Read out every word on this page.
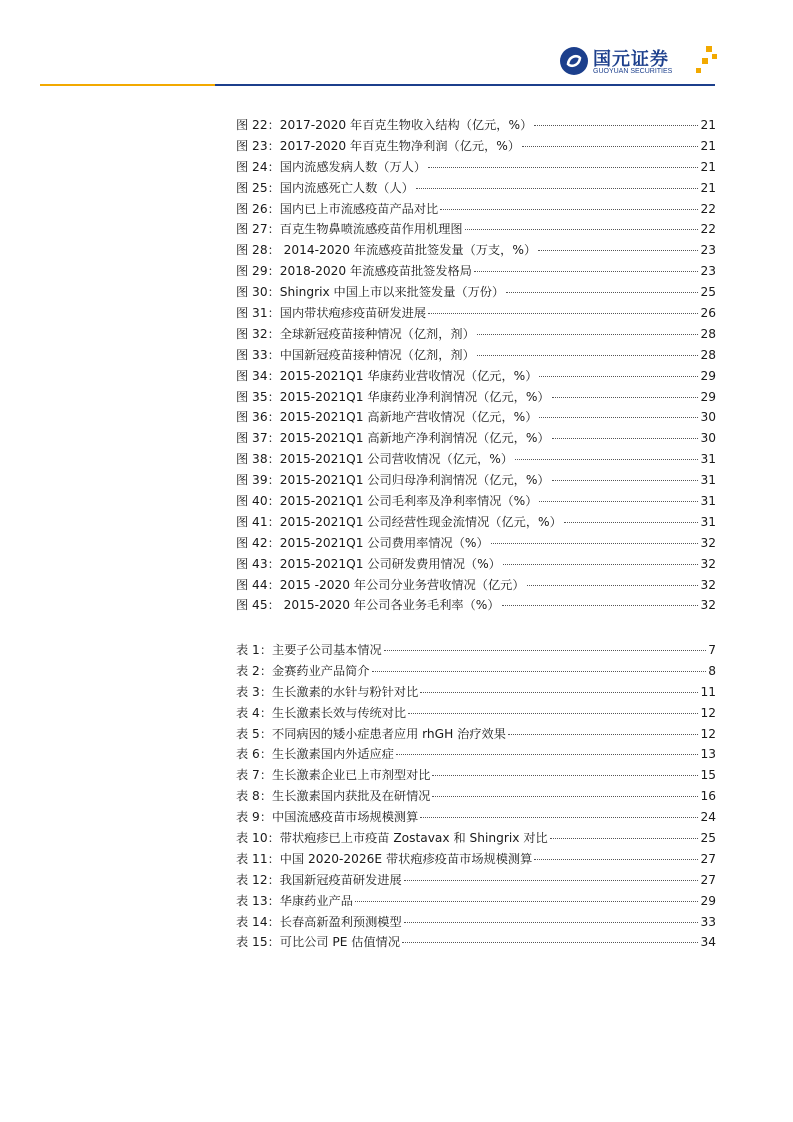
国元证券
GUOYUAN SECURITIES
图 22：2017-2020 年百克生物收入结构（亿元，%）	21
图 23：2017-2020 年百克生物净利润（亿元，%）	21
图 24：国内流感发病人数（万人）	21
图 25：国内流感死亡人数（人）	21
图 26：国内已上市流感疫苗产品对比	22
图 27：百克生物鼻喷流感疫苗作用机理图	22
图 28： 2014-2020 年流感疫苗批签发量（万支，%）	23
图 29：2018-2020 年流感疫苗批签发格局	23
图 30：Shingrix 中国上市以来批签发量（万份）	25
图 31：国内带状疱疹疫苗研发进展	26
图 32：全球新冠疫苗接种情况（亿剂，剂）	28
图 33：中国新冠疫苗接种情况（亿剂，剂）	28
图 34：2015-2021Q1 华康药业营收情况（亿元，%）	29
图 35：2015-2021Q1 华康药业净利润情况（亿元，%）	29
图 36：2015-2021Q1 高新地产营收情况（亿元，%）	30
图 37：2015-2021Q1 高新地产净利润情况（亿元，%）	30
图 38：2015-2021Q1 公司营收情况（亿元，%）	31
图 39：2015-2021Q1 公司归母净利润情况（亿元，%）	31
图 40：2015-2021Q1 公司毛利率及净利率情况（%）	31
图 41：2015-2021Q1 公司经营性现金流情况（亿元，%）	31
图 42：2015-2021Q1 公司费用率情况（%）	32
图 43：2015-2021Q1 公司研发费用情况（%）	32
图 44：2015 -2020 年公司分业务营收情况（亿元）	32
图 45： 2015-2020 年公司各业务毛利率（%）	32
表 1：主要子公司基本情况	7
表 2：金赛药业产品简介	8
表 3：生长激素的水针与粉针对比	11
表 4：生长激素长效与传统对比	12
表 5：不同病因的矮小症患者应用 rhGH 治疗效果	12
表 6：生长激素国内外适应症	13
表 7：生长激素企业已上市剂型对比	15
表 8：生长激素国内获批及在研情况	16
表 9：中国流感疫苗市场规模测算	24
表 10：带状疱疹已上市疫苗 Zostavax 和 Shingrix 对比	25
表 11：中国 2020-2026E 带状疱疹疫苗市场规模测算	27
表 12：我国新冠疫苗研发进展	27
表 13：华康药业产品	29
表 14：长春高新盈利预测模型	33
表 15：可比公司 PE 估值情况	34
